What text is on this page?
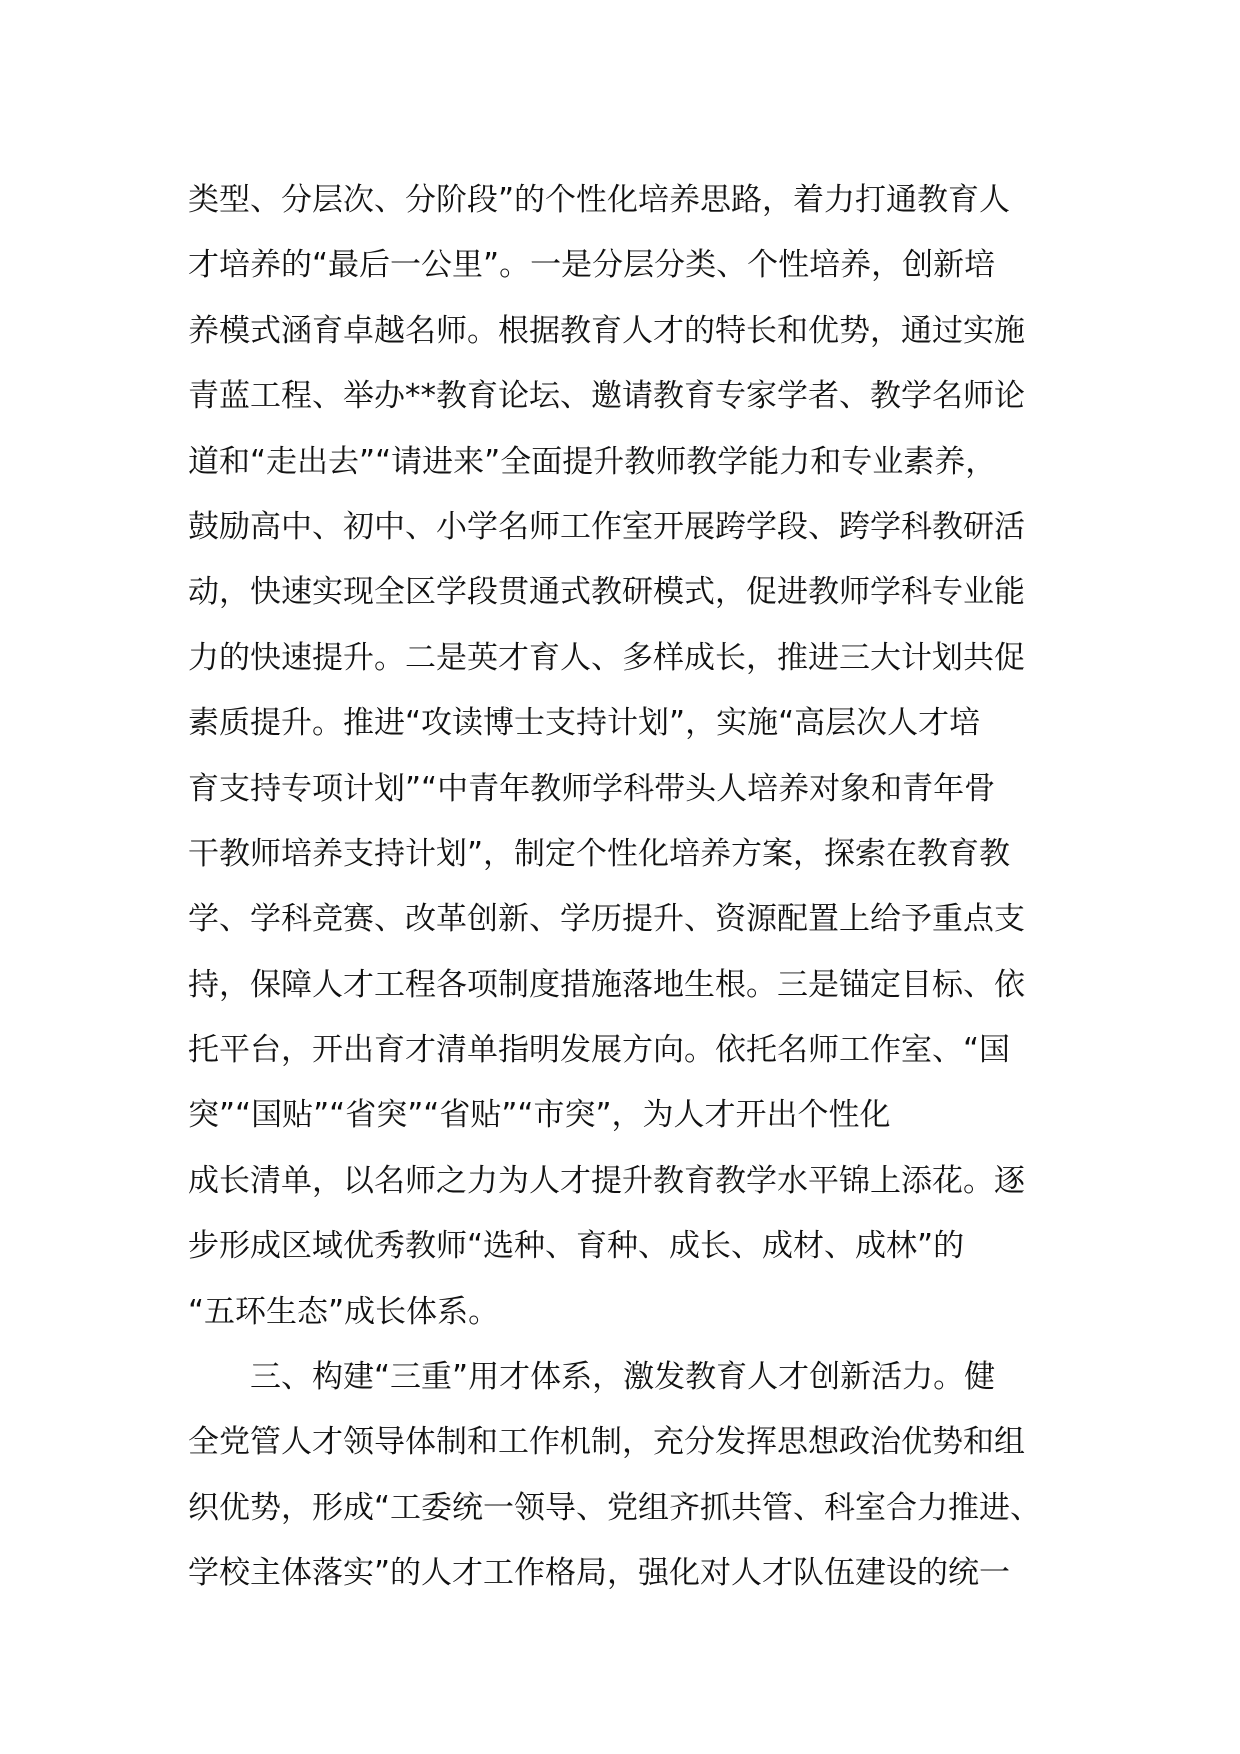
类型、分层次、分阶段”的个性化培养思路，着力打通教育人
才培养的“最后一公里”。一是分层分类、个性培养，创新培
养模式涵育卓越名师。根据教育人才的特长和优势，通过实施
青蓝工程、举办**教育论坛、邀请教育专家学者、教学名师论
道和“走出去”“请进来”全面提升教师教学能力和专业素养，
鼓励高中、初中、小学名师工作室开展跨学段、跨学科教研活
动，快速实现全区学段贯通式教研模式，促进教师学科专业能
力的快速提升。二是英才育人、多样成长，推进三大计划共促
素质提升。推进“攻读博士支持计划”，实施“高层次人才培
育支持专项计划”“中青年教师学科带头人培养对象和青年骨
干教师培养支持计划”，制定个性化培养方案，探索在教育教
学、学科竞赛、改革创新、学历提升、资源配置上给予重点支
持，保障人才工程各项制度措施落地生根。三是锚定目标、依
托平台，开出育才清单指明发展方向。依托名师工作室、“国
突”“国贴”“省突”“省贴”“市突”，为人才开出个性化
成长清单，以名师之力为人才提升教育教学水平锦上添花。逐
步形成区域优秀教师“选种、育种、成长、成材、成林”的
“五环生态”成长体系。
三、构建“三重”用才体系，激发教育人才创新活力。健
全党管人才领导体制和工作机制，充分发挥思想政治优势和组
织优势，形成“工委统一领导、党组齐抓共管、科室合力推进、
学校主体落实”的人才工作格局，强化对人才队伍建设的统一
